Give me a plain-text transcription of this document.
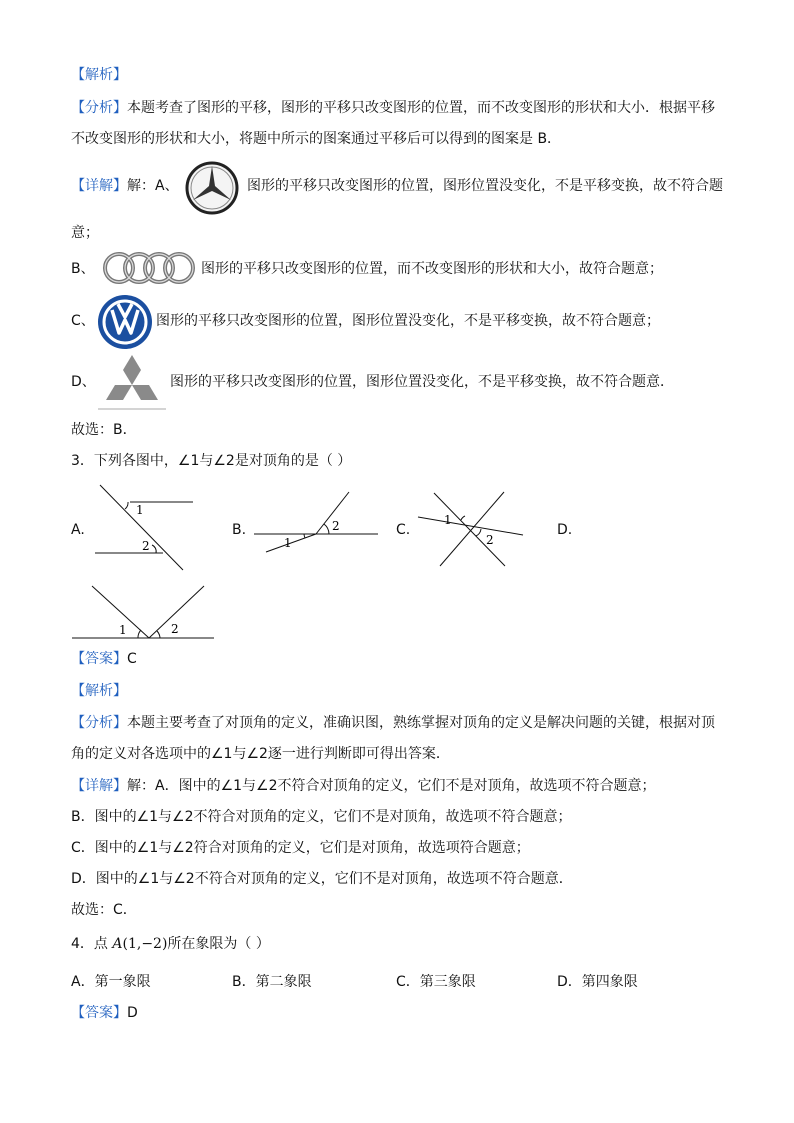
【解析】

【分析】本题考查了图形的平移，图形的平移只改变图形的位置，而不改变图形的形状和大小．根据平移

不改变图形的形状和大小，将题中所示的图案通过平移后可以得到的图案是 B．

【详解】解：A、	图形的平移只改变图形的位置，图形位置没变化，不是平移变换，故不符合题

意；

B、	图形的平移只改变图形的位置，而不改变图形的形状和大小，故符合题意；

C、	图形的平移只改变图形的位置，图形位置没变化，不是平移变换，故不符合题意；

D、	图形的平移只改变图形的位置，图形位置没变化，不是平移变换，故不符合题意．

故选：B．

3．下列各图中，∠1与∠2是对顶角的是（ ）

A.
1
2
B.
1
2	C.
1
2
D.
1	2

【答案】C

【解析】

【分析】本题主要考查了对顶角的定义，准确识图，熟练掌握对顶角的定义是解决问题的关键，根据对顶

角的定义对各选项中的∠1与∠2逐一进行判断即可得出答案．

【详解】解：A．图中的∠1与∠2不符合对顶角的定义，它们不是对顶角，故选项不符合题意；

B．图中的∠1与∠2不符合对顶角的定义，它们不是对顶角，故选项不符合题意；

C．图中的∠1与∠2符合对顶角的定义，它们是对顶角，故选项符合题意；

D．图中的∠1与∠2不符合对顶角的定义，它们不是对顶角，故选项不符合题意．

故选：C．

4．点 A(1,−2)所在象限为（ ）

A．第一象限	B．第二象限	C．第三象限	D．第四象限

【答案】D
